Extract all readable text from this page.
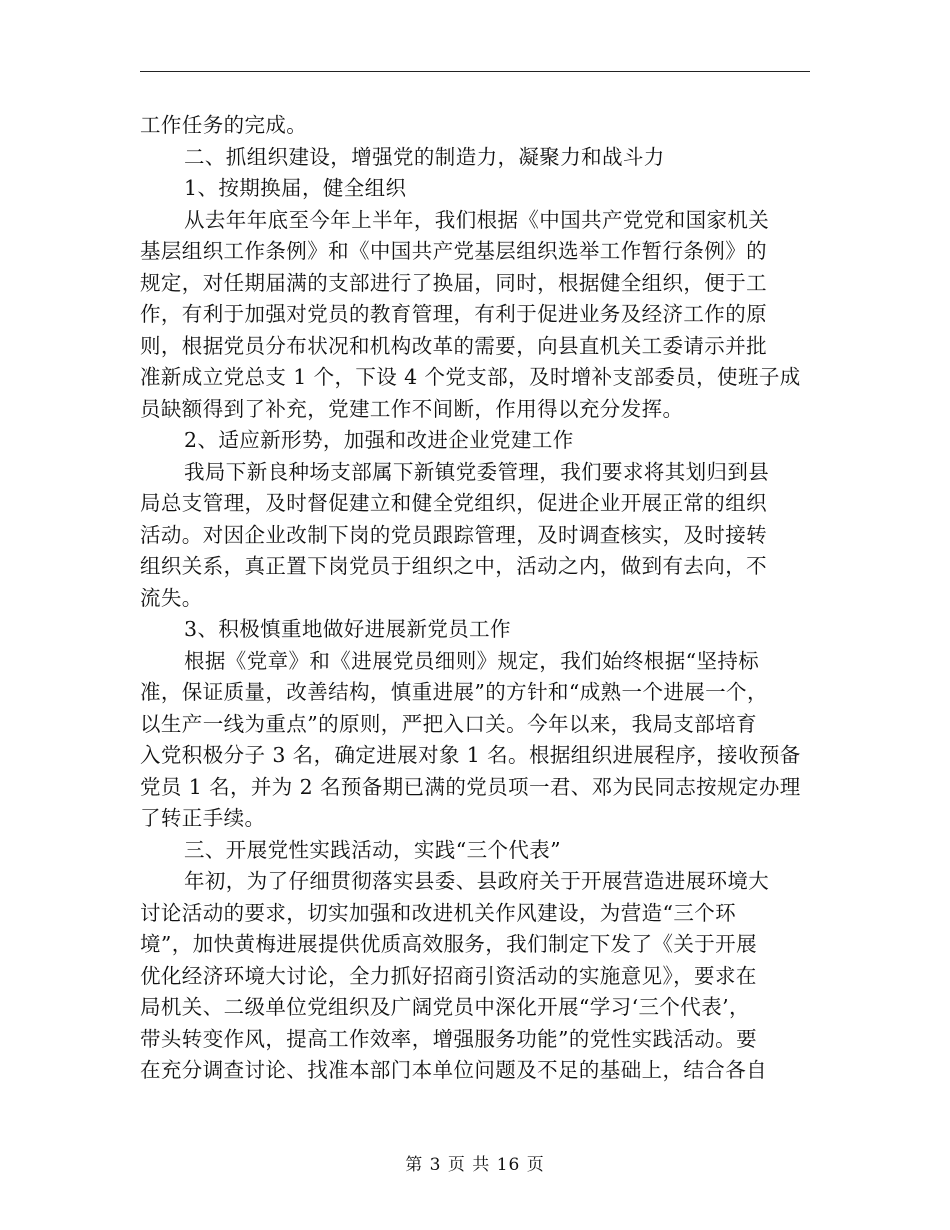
工作任务的完成。
二、抓组织建设，增强党的制造力，凝聚力和战斗力
1、按期换届，健全组织
从去年年底至今年上半年，我们根据《中国共产党党和国家机关
基层组织工作条例》和《中国共产党基层组织选举工作暂行条例》的
规定，对任期届满的支部进行了换届，同时，根据健全组织，便于工
作，有利于加强对党员的教育管理，有利于促进业务及经济工作的原
则，根据党员分布状况和机构改革的需要，向县直机关工委请示并批
准新成立党总支 1 个，下设 4 个党支部，及时增补支部委员，使班子成
员缺额得到了补充，党建工作不间断，作用得以充分发挥。
2、适应新形势，加强和改进企业党建工作
我局下新良种场支部属下新镇党委管理，我们要求将其划归到县
局总支管理，及时督促建立和健全党组织，促进企业开展正常的组织
活动。对因企业改制下岗的党员跟踪管理，及时调查核实，及时接转
组织关系，真正置下岗党员于组织之中，活动之内，做到有去向，不
流失。
3、积极慎重地做好进展新党员工作
根据《党章》和《进展党员细则》规定，我们始终根据“坚持标
准，保证质量，改善结构，慎重进展”的方针和“成熟一个进展一个，
以生产一线为重点”的原则，严把入口关。今年以来，我局支部培育
入党积极分子 3 名，确定进展对象 1 名。根据组织进展程序，接收预备
党员 1 名，并为 2 名预备期已满的党员项一君、邓为民同志按规定办理
了转正手续。
三、开展党性实践活动，实践“三个代表”
年初，为了仔细贯彻落实县委、县政府关于开展营造进展环境大
讨论活动的要求，切实加强和改进机关作风建设，为营造“三个环
境”，加快黄梅进展提供优质高效服务，我们制定下发了《关于开展
优化经济环境大讨论，全力抓好招商引资活动的实施意见》，要求在
局机关、二级单位党组织及广阔党员中深化开展“学习‘三个代表’，
带头转变作风，提高工作效率，增强服务功能”的党性实践活动。要
在充分调查讨论、找准本部门本单位问题及不足的基础上，结合各自
第 3 页 共 16 页
